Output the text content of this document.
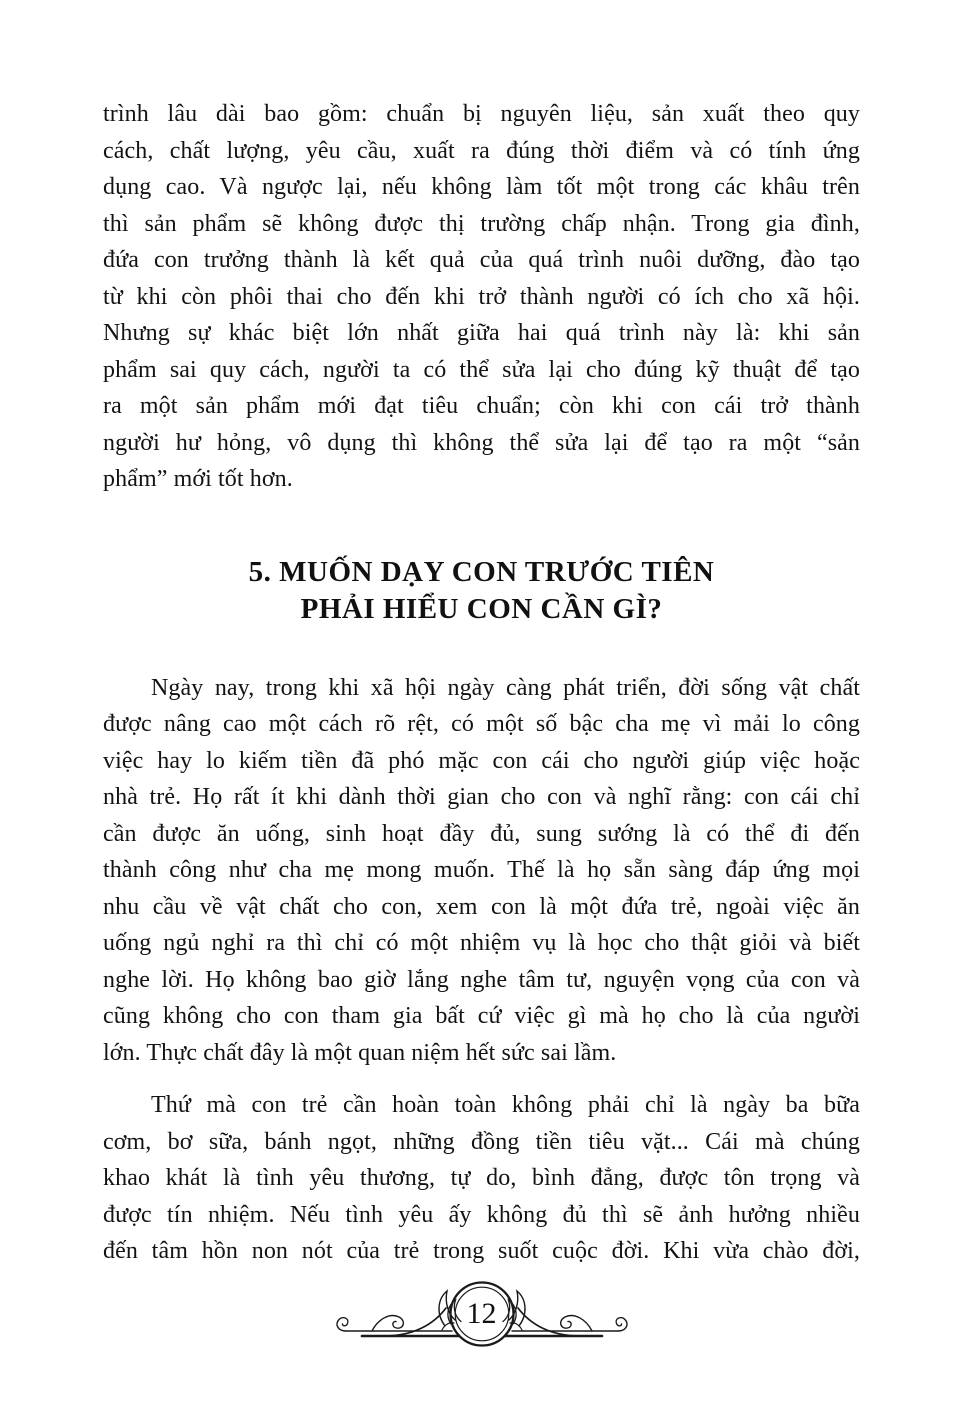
trình lâu dài bao gồm: chuẩn bị nguyên liệu, sản xuất theo quy
cách, chất lượng, yêu cầu, xuất ra đúng thời điểm và có tính ứng
dụng cao. Và ngược lại, nếu không làm tốt một trong các khâu trên
thì sản phẩm sẽ không được thị trường chấp nhận. Trong gia đình,
đứa con trưởng thành là kết quả của quá trình nuôi dưỡng, đào tạo
từ khi còn phôi thai cho đến khi trở thành người có ích cho xã hội.
Nhưng sự khác biệt lớn nhất giữa hai quá trình này là: khi sản
phẩm sai quy cách, người ta có thể sửa lại cho đúng kỹ thuật để tạo
ra một sản phẩm mới đạt tiêu chuẩn; còn khi con cái trở thành
người hư hỏng, vô dụng thì không thể sửa lại để tạo ra một “sản
phẩm” mới tốt hơn.
5. MUỐN DẠY CON TRƯỚC TIÊN
PHẢI HIỂU CON CẦN GÌ?
Ngày nay, trong khi xã hội ngày càng phát triển, đời sống vật chất
được nâng cao một cách rõ rệt, có một số bậc cha mẹ vì mải lo công
việc hay lo kiếm tiền đã phó mặc con cái cho người giúp việc hoặc
nhà trẻ. Họ rất ít khi dành thời gian cho con và nghĩ rằng: con cái chỉ
cần được ăn uống, sinh hoạt đầy đủ, sung sướng là có thể đi đến
thành công như cha mẹ mong muốn. Thế là họ sẵn sàng đáp ứng mọi
nhu cầu về vật chất cho con, xem con là một đứa trẻ, ngoài việc ăn
uống ngủ nghỉ ra thì chỉ có một nhiệm vụ là học cho thật giỏi và biết
nghe lời. Họ không bao giờ lắng nghe tâm tư, nguyện vọng của con và
cũng không cho con tham gia bất cứ việc gì mà họ cho là của người
lớn. Thực chất đây là một quan niệm hết sức sai lầm.
Thứ mà con trẻ cần hoàn toàn không phải chỉ là ngày ba bữa
cơm, bơ sữa, bánh ngọt, những đồng tiền tiêu vặt... Cái mà chúng
khao khát là tình yêu thương, tự do, bình đẳng, được tôn trọng và
được tín nhiệm. Nếu tình yêu ấy không đủ thì sẽ ảnh hưởng nhiều
đến tâm hồn non nót của trẻ trong suốt cuộc đời. Khi vừa chào đời,
12
